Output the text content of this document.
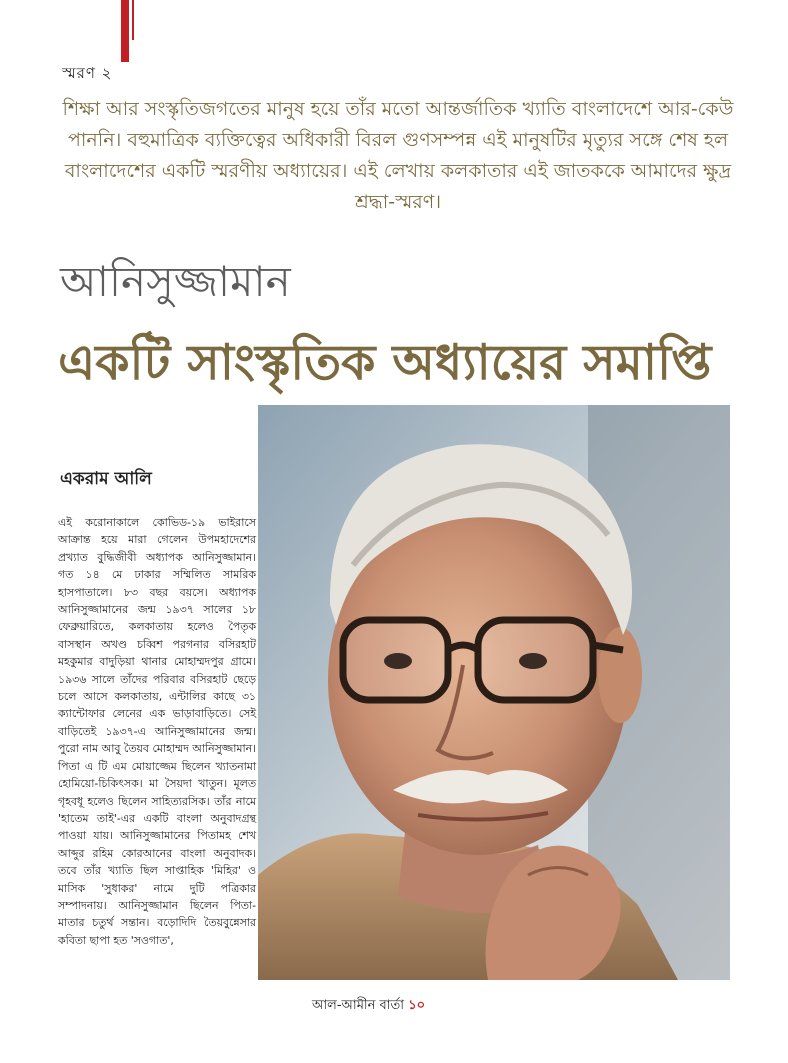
স্মরণ ২
শিক্ষা আর সংস্কৃতিজগতের মানুষ হয়ে তাঁর মতো আন্তর্জাতিক খ্যাতি বাংলাদেশে আর-কেউ পাননি। বহুমাত্রিক ব্যক্তিত্বের অধিকারী বিরল গুণসম্পন্ন এই মানুষটির মৃত্যুর সঙ্গে শেষ হল বাংলাদেশের একটি স্মরণীয় অধ্যায়ের। এই লেখায় কলকাতার এই জাতককে আমাদের ক্ষুদ্র শ্রদ্ধা-স্মরণ।
আনিসুজ্জামান
একটি সাংস্কৃতিক অধ্যায়ের সমাপ্তি
একরাম আলি
এই করোনাকালে কোভিড-১৯ ভাইরাসে আক্রান্ত হয়ে মারা গেলেন উপমহাদেশের প্রখ্যাত বুদ্ধিজীবী অধ্যাপক আনিসুজ্জামান। গত ১৪ মে ঢাকার সম্মিলিত সামরিক হাসপাতালে। ৮৩ বছর বয়সে। অধ্যাপক আনিসুজ্জামানের জন্ম ১৯৩৭ সালের ১৮ ফেব্রুয়ারিতে, কলকাতায় হলেও পৈতৃক বাসস্থান অখণ্ড চব্বিশ পরগনার বসিরহাট মহকুমার বাদুড়িয়া থানার মোহাম্মদপুর গ্রামে। ১৯৩৬ সালে তাঁদের পরিবার বসিরহাট ছেড়ে চলে আসে কলকাতায়, এন্টালির কাছে ৩১ ক্যান্টোফার লেনের এক ভাড়াবাড়িতে। সেই বাড়িতেই ১৯৩৭-এ আনিসুজ্জামানের জন্ম। পুরো নাম আবু তৈয়ব মোহাম্মদ আনিসুজ্জামান। পিতা এ টি এম মোয়াজ্জেম ছিলেন খ্যাতনামা হোমিয়ো-চিকিৎসক। মা সৈয়দা খাতুন। মূলত গৃহবধূ হলেও ছিলেন সাহিত্যরসিক। তাঁর নামে 'হাতেম তাই'-এর একটি বাংলা অনুবাদগ্রন্থ পাওয়া যায়। আনিসুজ্জামানের পিতামহ শেখ আব্দুর রহিম কোরআনের বাংলা অনুবাদক। তবে তাঁর খ্যাতি ছিল সাপ্তাহিক 'মিহির' ও মাসিক 'সুধাকর' নামে দুটি পত্রিকার সম্পাদনায়। আনিসুজ্জামান ছিলেন পিতা-মাতার চতুর্থ সন্তান। বড়োদিদি তৈয়বুন্নেসার কবিতা ছাপা হত 'সওগাত',
আল-আমীন বার্তা ১০
